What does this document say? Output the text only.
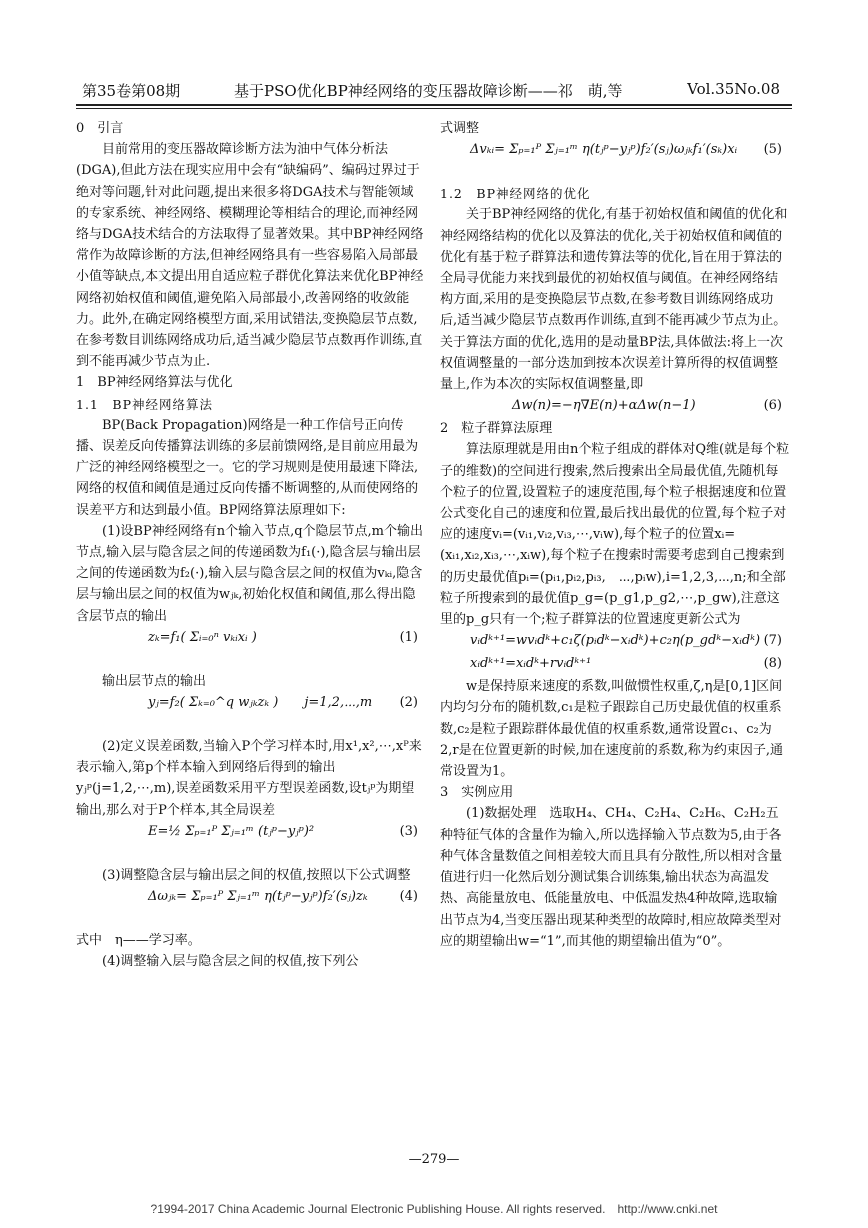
第35卷第08期	基于PSO优化BP神经网络的变压器故障诊断——祁　萌,等	Vol.35No.08

0　引言

目前常用的变压器故障诊断方法为油中气体分析法(DGA),但此方法在现实应用中会有“缺编码”、编码过界过于绝对等问题,针对此问题,提出来很多将DGA技术与智能领域的专家系统、神经网络、模糊理论等相结合的理论,而神经网络与DGA技术结合的方法取得了显著效果。其中BP神经网络常作为故障诊断的方法,但神经网络具有一些容易陷入局部最小值等缺点,本文提出用自适应粒子群优化算法来优化BP神经网络初始权值和阈值,避免陷入局部最小,改善网络的收敛能力。此外,在确定网络模型方面,采用试错法,变换隐层节点数,在参考数目训练网络成功后,适当减少隐层节点数再作训练,直到不能再减少节点为止.

1　BP神经网络算法与优化

1.1　BP神经网络算法

BP(Back Propagation)网络是一种工作信号正向传播、误差反向传播算法训练的多层前馈网络,是目前应用最为广泛的神经网络模型之一。它的学习规则是使用最速下降法,网络的权值和阈值是通过反向传播不断调整的,从而使网络的误差平方和达到最小值。BP网络算法原理如下:

(1)设BP神经网络有n个输入节点,q个隐层节点,m个输出节点,输入层与隐含层之间的传递函数为f₁(·),隐含层与输出层之间的传递函数为f₂(·),输入层与隐含层之间的权值为vₖᵢ,隐含层与输出层之间的权值为wⱼₖ,初始化权值和阈值,那么得出隐含层节点的输出

zₖ=f₁( Σᵢ₌₀ⁿ vₖᵢxᵢ )	(1)

输出层节点的输出

yⱼ=f₂( Σₖ₌₀^q wⱼₖzₖ )　　j=1,2,⋯,m (2)

(2)定义误差函数,当输入P个学习样本时,用x¹,x²,⋯,xᴾ来表示输入,第p个样本输入到网络后得到的输出yⱼᵖ(j=1,2,⋯,m),误差函数采用平方型误差函数,设tⱼᵖ为期望输出,那么对于P个样本,其全局误差

E=½ Σₚ₌₁ᴾ Σⱼ₌₁ᵐ (tⱼᵖ−yⱼᵖ)²	(3)

(3)调整隐含层与输出层之间的权值,按照以下公式调整

Δωⱼₖ= Σₚ₌₁ᴾ Σⱼ₌₁ᵐ η(tⱼᵖ−yⱼᵖ)f₂′(sⱼ)zₖ (4)

式中　η——学习率。

(4)调整输入层与隐含层之间的权值,按下列公

式调整

Δvₖᵢ= Σₚ₌₁ᴾ Σⱼ₌₁ᵐ η(tⱼᵖ−yⱼᵖ)f₂′(sⱼ)ωⱼₖf₁′(sₖ)xᵢ (5)

1.2　BP神经网络的优化

关于BP神经网络的优化,有基于初始权值和阈值的优化和神经网络结构的优化以及算法的优化,关于初始权值和阈值的优化有基于粒子群算法和遗传算法等的优化,旨在用于算法的全局寻优能力来找到最优的初始权值与阈值。在神经网络结构方面,采用的是变换隐层节点数,在参考数目训练网络成功后,适当减少隐层节点数再作训练,直到不能再减少节点为止。关于算法方面的优化,选用的是动量BP法,具体做法:将上一次权值调整量的一部分迭加到按本次误差计算所得的权值调整量上,作为本次的实际权值调整量,即

Δw(n)=−η∇E(n)+αΔw(n−1)	(6)

2　粒子群算法原理

算法原理就是用由n个粒子组成的群体对Q维(就是每个粒子的维数)的空间进行搜索,然后搜索出全局最优值,先随机每个粒子的位置,设置粒子的速度范围,每个粒子根据速度和位置公式变化自己的速度和位置,最后找出最优的位置,每个粒子对应的速度vᵢ=(vᵢ₁,vᵢ₂,vᵢ₃,⋯,vᵢw),每个粒子的位置xᵢ=(xᵢ₁,xᵢ₂,xᵢ₃,⋯,xᵢw),每个粒子在搜索时需要考虑到自己搜索到的历史最优值pᵢ=(pᵢ₁,pᵢ₂,pᵢ₃,　⋯,pᵢw),i=1,2,3,⋯,n;和全部粒子所搜索到的最优值p_g=(p_g1,p_g2,⋯,p_gw),注意这里的p_g只有一个;粒子群算法的位置速度更新公式为

vᵢdᵏ⁺¹=wvᵢdᵏ+c₁ζ(pᵢdᵏ−xᵢdᵏ)+c₂η(p_gdᵏ−xᵢdᵏ) (7)
xᵢdᵏ⁺¹=xᵢdᵏ+rvᵢdᵏ⁺¹	(8)

w是保持原来速度的系数,叫做惯性权重,ζ,η是[0,1]区间内均匀分布的随机数,c₁是粒子跟踪自己历史最优值的权重系数,c₂是粒子跟踪群体最优值的权重系数,通常设置c₁、c₂为2,r是在位置更新的时候,加在速度前的系数,称为约束因子,通常设置为1。

3　实例应用

(1)数据处理　选取H₄、CH₄、C₂H₄、C₂H₆、C₂H₂五种特征气体的含量作为输入,所以选择输入节点数为5,由于各种气体含量数值之间相差较大而且具有分散性,所以相对含量值进行归一化然后划分测试集合训练集,输出状态为高温发热、高能量放电、低能量放电、中低温发热4种故障,选取输出节点为4,当变压器出现某种类型的故障时,相应故障类型对应的期望输出w=“1”,而其他的期望输出值为“0”。

—279—
?1994-2017 China Academic Journal Electronic Publishing House. All rights reserved.　http://www.cnki.net
